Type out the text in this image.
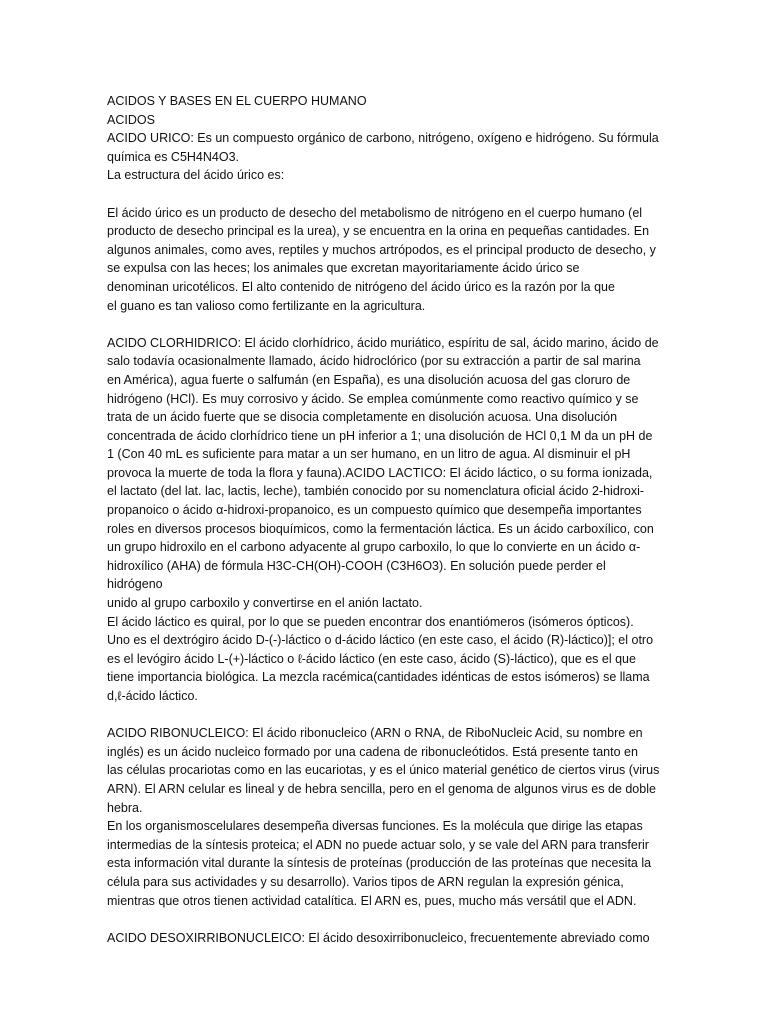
ACIDOS Y BASES EN EL CUERPO HUMANO

ACIDOS

ACIDO URICO: Es un compuesto orgánico de carbono, nitrógeno, oxígeno e hidrógeno. Su fórmula
química es C5H4N4O3.

La estructura del ácido úrico es:

El ácido úrico es un producto de desecho del metabolismo de nitrógeno en el cuerpo humano (el
producto de desecho principal es la urea), y se encuentra en la orina en pequeñas cantidades. En
algunos animales, como aves, reptiles y muchos artrópodos, es el principal producto de desecho, y
se expulsa con las heces; los animales que excretan mayoritariamente ácido úrico se
denominan uricotélicos. El alto contenido de nitrógeno del ácido úrico es la razón por la que
el guano es tan valioso como fertilizante en la agricultura.

ACIDO CLORHIDRICO: El ácido clorhídrico, ácido muriático, espíritu de sal, ácido marino, ácido de
salo todavía ocasionalmente llamado, ácido hidroclórico (por su extracción a partir de sal marina
en América), agua fuerte o salfumán (en España), es una disolución acuosa del gas cloruro de
hidrógeno (HCl). Es muy corrosivo y ácido. Se emplea comúnmente como reactivo químico y se
trata de un ácido fuerte que se disocia completamente en disolución acuosa. Una disolución
concentrada de ácido clorhídrico tiene un pH inferior a 1; una disolución de HCl 0,1 M da un pH de
1 (Con 40 mL es suficiente para matar a un ser humano, en un litro de agua. Al disminuir el pH
provoca la muerte de toda la flora y fauna).ACIDO LACTICO: El ácido láctico, o su forma ionizada,
el lactato (del lat. lac, lactis, leche), también conocido por su nomenclatura oficial ácido 2-hidroxi-
propanoico o ácido α-hidroxi-propanoico, es un compuesto químico que desempeña importantes
roles en diversos procesos bioquímicos, como la fermentación láctica. Es un ácido carboxílico, con
un grupo hidroxilo en el carbono adyacente al grupo carboxilo, lo que lo convierte en un ácido α-
hidroxílico (AHA) de fórmula H3C-CH(OH)-COOH (C3H6O3). En solución puede perder el hidrógeno
unido al grupo carboxilo y convertirse en el anión lactato.

El ácido láctico es quiral, por lo que se pueden encontrar dos enantiómeros (isómeros ópticos).
Uno es el dextrógiro ácido D-(-)-láctico o d-ácido láctico (en este caso, el ácido (R)-láctico)]; el otro
es el levógiro ácido L-(+)-láctico o ℓ-ácido láctico (en este caso, ácido (S)-láctico), que es el que
tiene importancia biológica. La mezcla racémica(cantidades idénticas de estos isómeros) se llama
d,ℓ-ácido láctico.

ACIDO RIBONUCLEICO: El ácido ribonucleico (ARN o RNA, de RiboNucleic Acid, su nombre en
inglés) es un ácido nucleico formado por una cadena de ribonucleótidos. Está presente tanto en
las células procariotas como en las eucariotas, y es el único material genético de ciertos virus (virus
ARN). El ARN celular es lineal y de hebra sencilla, pero en el genoma de algunos virus es de doble
hebra.

En los organismoscelulares desempeña diversas funciones. Es la molécula que dirige las etapas
intermedias de la síntesis proteica; el ADN no puede actuar solo, y se vale del ARN para transferir
esta información vital durante la síntesis de proteínas (producción de las proteínas que necesita la
célula para sus actividades y su desarrollo). Varios tipos de ARN regulan la expresión génica,
mientras que otros tienen actividad catalítica. El ARN es, pues, mucho más versátil que el ADN.

ACIDO DESOXIRRIBONUCLEICO: El ácido desoxirribonucleico, frecuentemente abreviado como
